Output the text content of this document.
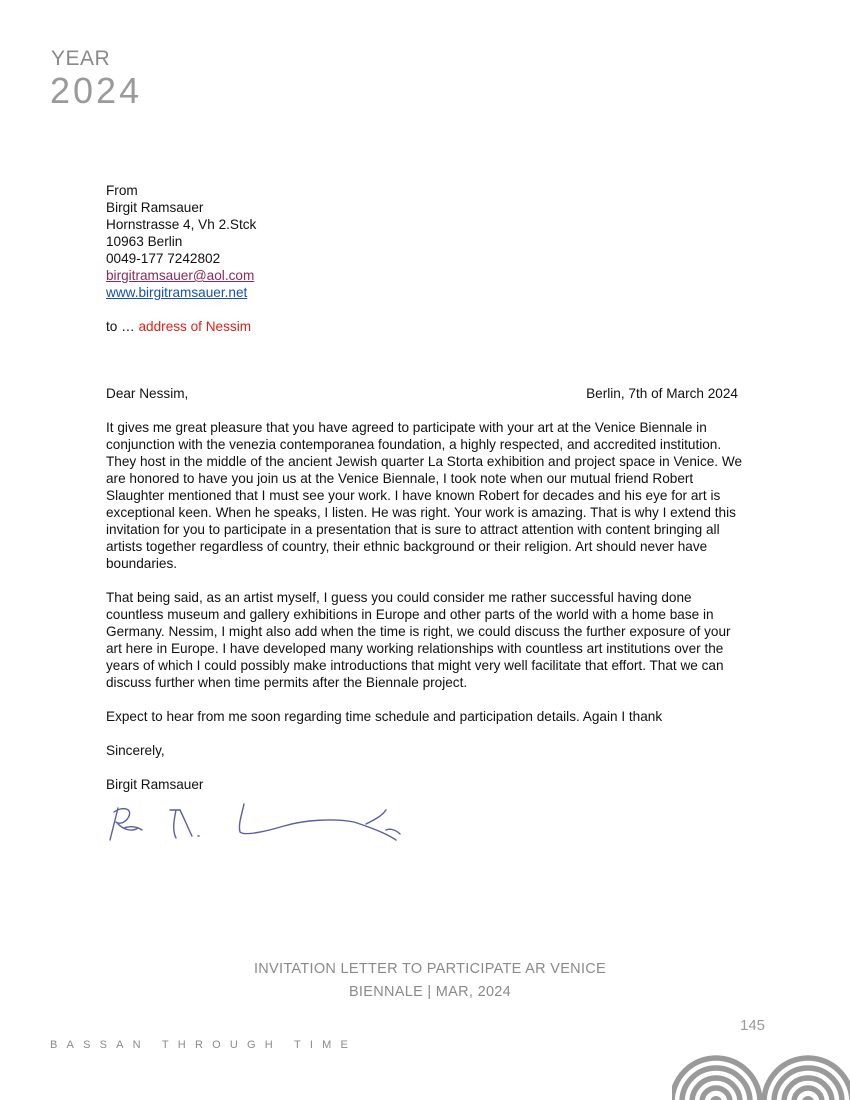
YEAR
2024
From
Birgit Ramsauer
Hornstrasse 4, Vh 2.Stck
10963 Berlin
0049-177 7242802
birgitramsauer@aol.com
www.birgitramsauer.net
to … address of Nessim
Dear Nessim,	Berlin, 7th of March 2024

It gives me great pleasure that you have agreed to participate with your art at the Venice Biennale in conjunction with the venezia contemporanea foundation, a highly respected, and accredited institution. They host in the middle of the ancient Jewish quarter La Storta exhibition and project space in Venice. We are honored to have you join us at the Venice Biennale, I took note when our mutual friend Robert Slaughter mentioned that I must see your work. I have known Robert for decades and his eye for art is exceptional keen. When he speaks, I listen. He was right. Your work is amazing. That is why I extend this invitation for you to participate in a presentation that is sure to attract attention with content bringing all artists together regardless of country, their ethnic background or their religion. Art should never have boundaries.

That being said, as an artist myself, I guess you could consider me rather successful having done countless museum and gallery exhibitions in Europe and other parts of the world with a home base in Germany. Nessim, I might also add when the time is right, we could discuss the further exposure of your art here in Europe. I have developed many working relationships with countless art institutions over the years of which I could possibly make introductions that might very well facilitate that effort. That we can discuss further when time permits after the Biennale project.

Expect to hear from me soon regarding time schedule and participation details. Again I thank

Sincerely,

Birgit Ramsauer

INVITATION LETTER TO PARTICIPATE AR VENICE
BIENNALE | MAR, 2024
145
BASSAN THROUGH TIME
